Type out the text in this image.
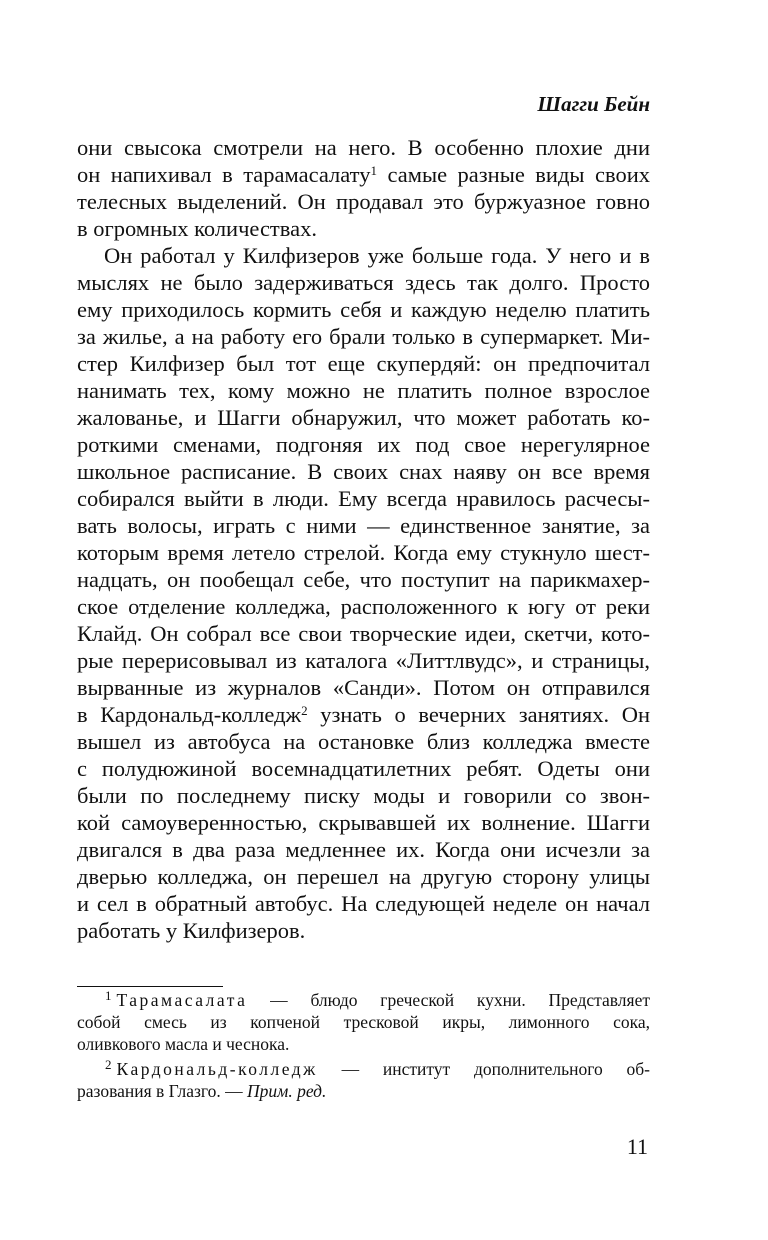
Шагги Бейн
они свысока смотрели на него. В особенно плохие дни
он напихивал в тарамасалату$^1$ самые разные виды своих
телесных выделений. Он продавал это буржуазное говно
в огромных количествах.
Он работал у Килфизеров уже больше года. У него и в
мыслях не было задерживаться здесь так долго. Просто
ему приходилось кормить себя и каждую неделю платить
за жилье, а на работу его брали только в супермаркет. Ми-
стер Килфизер был тот еще скупердяй: он предпочитал
нанимать тех, кому можно не платить полное взрослое
жалованье, и Шагги обнаружил, что может работать ко-
роткими сменами, подгоняя их под свое нерегулярное
школьное расписание. В своих снах наяву он все время
собирался выйти в люди. Ему всегда нравилось расчесы-
вать волосы, играть с ними — единственное занятие, за
которым время летело стрелой. Когда ему стукнуло шест-
надцать, он пообещал себе, что поступит на парикмахер-
ское отделение колледжа, расположенного к югу от реки
Клайд. Он собрал все свои творческие идеи, скетчи, кото-
рые перерисовывал из каталога «Литтлвудс», и страницы,
вырванные из журналов «Санди». Потом он отправился
в Кардональд-колледж$^2$ узнать о вечерних занятиях. Он
вышел из автобуса на остановке близ колледжа вместе
с полудюжиной восемнадцатилетних ребят. Одеты они
были по последнему писку моды и говорили со звон-
кой самоуверенностью, скрывавшей их волнение. Шагги
двигался в два раза медленнее их. Когда они исчезли за
дверью колледжа, он перешел на другую сторону улицы
и сел в обратный автобус. На следующей неделе он начал
работать у Килфизеров.
$^1$ Тарамасалата — блюдо греческой кухни. Представляет
собой смесь из копченой тресковой икры, лимонного сока,
оливкового масла и чеснока.
$^2$ Кардональд-колледж — институт дополнительного об-
разования в Глазго. — Прим. ред.
11
